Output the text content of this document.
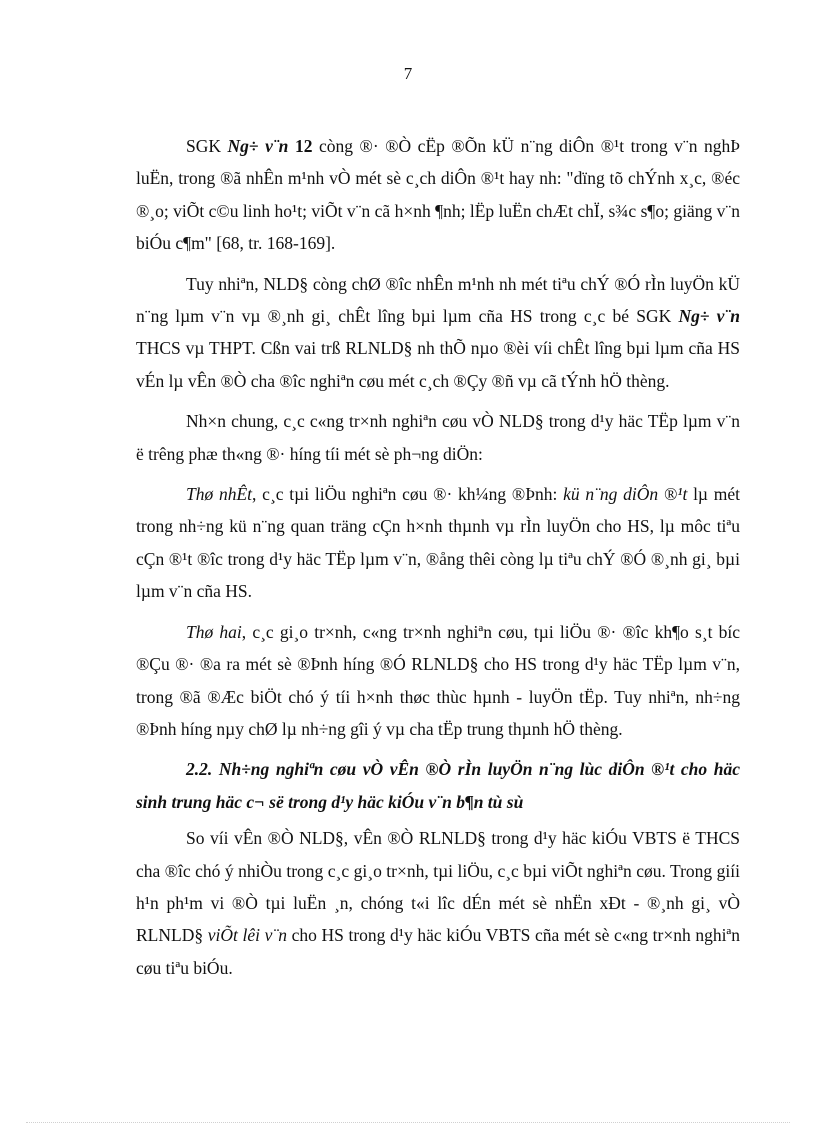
7

SGK Ng÷ v¨n 12 còng ®· ®Ò cËp ®Õn kÜ n¨ng diÔn ®¹t trong v¨n nghÞ luËn, trong ®ã nhÊn m¹nh vÒ mét sè c¸ch diÔn ®¹t hay nh: "dïng tõ chÝnh x¸c, ®éc ®¸o; viÕt c©u linh ho¹t; viÕt v¨n cã h×nh ¶nh; lËp luËn chÆt chÏ, s¾c s¶o; giäng v¨n biÓu c¶m" [68, tr. 168-169].

Tuy nhiªn, NLD§ còng chØ ®îc nhÊn m¹nh nh mét tiªu chÝ ®Ó rÌn luyÖn kÜ n¨ng lµm v¨n vµ ®¸nh gi¸ chÊt lîng bµi lµm cña HS trong c¸c bé SGK Ng÷ v¨n THCS vµ THPT. Cßn vai trß RLNLD§ nh thÕ nµo ®èi víi chÊt lîng bµi lµm cña HS vÉn lµ vÊn ®Ò cha ®îc nghiªn cøu mét c¸ch ®Çy ®ñ vµ cã tÝnh hÖ thèng.

Nh×n chung, c¸c c«ng tr×nh nghiªn cøu vÒ NLD§ trong d¹y häc TËp lµm v¨n ë trêng phæ th«ng ®· híng tíi mét sè ph¬ng diÖn:

Thø nhÊt, c¸c tµi liÖu nghiªn cøu ®· kh¼ng ®Þnh: kü n¨ng diÔn ®¹t lµ mét trong nh÷ng kü n¨ng quan träng cÇn h×nh thµnh vµ rÌn luyÖn cho HS, lµ môc tiªu cÇn ®¹t ®îc trong d¹y häc TËp lµm v¨n, ®ång thêi còng lµ tiªu chÝ ®Ó ®¸nh gi¸ bµi lµm v¨n cña HS.

Thø hai, c¸c gi¸o tr×nh, c«ng tr×nh nghiªn cøu, tµi liÖu ®· ®îc kh¶o s¸t bíc ®Çu ®· ®a ra mét sè ®Þnh híng ®Ó RLNLD§ cho HS trong d¹y häc TËp lµm v¨n, trong ®ã ®Æc biÖt chó ý tíi h×nh thøc thùc hµnh - luyÖn tËp. Tuy nhiªn, nh÷ng ®Þnh híng nµy chØ lµ nh÷ng gîi ý vµ cha tËp trung thµnh hÖ thèng.

2.2. Nh÷ng nghiªn cøu vÒ vÊn ®Ò rÌn luyÖn n¨ng lùc diÔn ®¹t cho häc sinh trung häc c¬ së trong d¹y häc kiÓu v¨n b¶n tù sù

So víi vÊn ®Ò NLD§, vÊn ®Ò RLNLD§ trong d¹y häc kiÓu VBTS ë THCS cha ®îc chó ý nhiÒu trong c¸c gi¸o tr×nh, tµi liÖu, c¸c bµi viÕt nghiªn cøu. Trong giíi h¹n ph¹m vi ®Ò tµi luËn ¸n, chóng t«i lîc dÉn mét sè nhËn xÐt - ®¸nh gi¸ vÒ RLNLD§ viÕt lêi v¨n cho HS trong d¹y häc kiÓu VBTS cña mét sè c«ng tr×nh nghiªn cøu tiªu biÓu.
